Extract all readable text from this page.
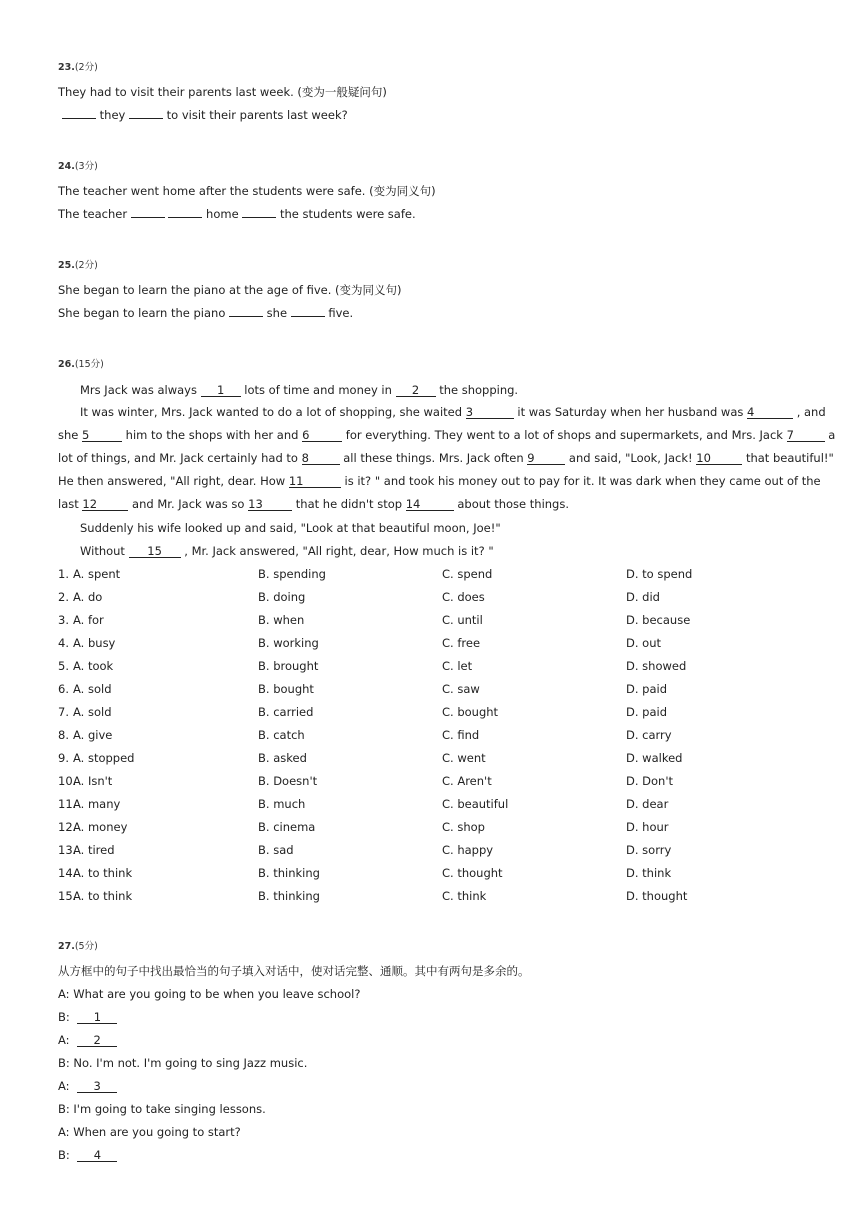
23.(2分)
They had to visit their parents last week. (变为一般疑问句)
they	to visit their parents last week?
24.(3分)
The teacher went home after the students were safe. (变为同义句)
The teacher	home	the students were safe.
25.(2分)
She began to learn the piano at the age of five. (变为同义句)
She began to learn the piano	she	five.
26.(15分)
Mrs Jack was always 1 lots of time and money in 2 the shopping.
It was winter, Mrs. Jack wanted to do a lot of shopping, she waited 3	it was Saturday when her husband was 4	, and
she 5	him to the shops with her and 6	for everything. They went to a lot of shops and supermarkets, and Mrs. Jack 7	a
lot of things, and Mr. Jack certainly had to 8	all these things. Mrs. Jack often 9	and said, "Look, Jack! 10	that beautiful!"
He then answered, "All right, dear. How 11	is it? " and took his money out to pay for it. It was dark when they came out of the
last 12	and Mr. Jack was so 13	that he didn't stop 14	about those things.
Suddenly his wife looked up and said, "Look at that beautiful moon, Joe!"
Without 15 , Mr. Jack answered, "All right, dear, How much is it? "
1. A. spent	B. spending	C. spend	D. to spend
2. A. do	B. doing	C. does	D. did
3. A. for	B. when	C. until	D. because
4. A. busy	B. working	C. free	D. out
5. A. took	B. brought	C. let	D. showed
6. A. sold	B. bought	C. saw	D. paid
7. A. sold	B. carried	C. bought	D. paid
8. A. give	B. catch	C. find	D. carry
9. A. stopped	B. asked	C. went	D. walked
10.
A. Isn't	B. Doesn't	C. Aren't	D. Don't
11.
A. many	B. much	C. beautiful	D. dear
12.
A. money	B. cinema	C. shop	D. hour
13.
A. tired	B. sad	C. happy	D. sorry
14.
A. to think	B. thinking	C. thought	D. think
15.
A. to think	B. thinking	C. think	D. thought
27.(5分)
从方框中的句子中找出最恰当的句子填入对话中，使对话完整、通顺。其中有两句是多余的。
A: What are you going to be when you leave school?
B: 1
A: 2
B: No. I'm not. I'm going to sing Jazz music.
A: 3
B: I'm going to take singing lessons.
A: When are you going to start?
B: 4
